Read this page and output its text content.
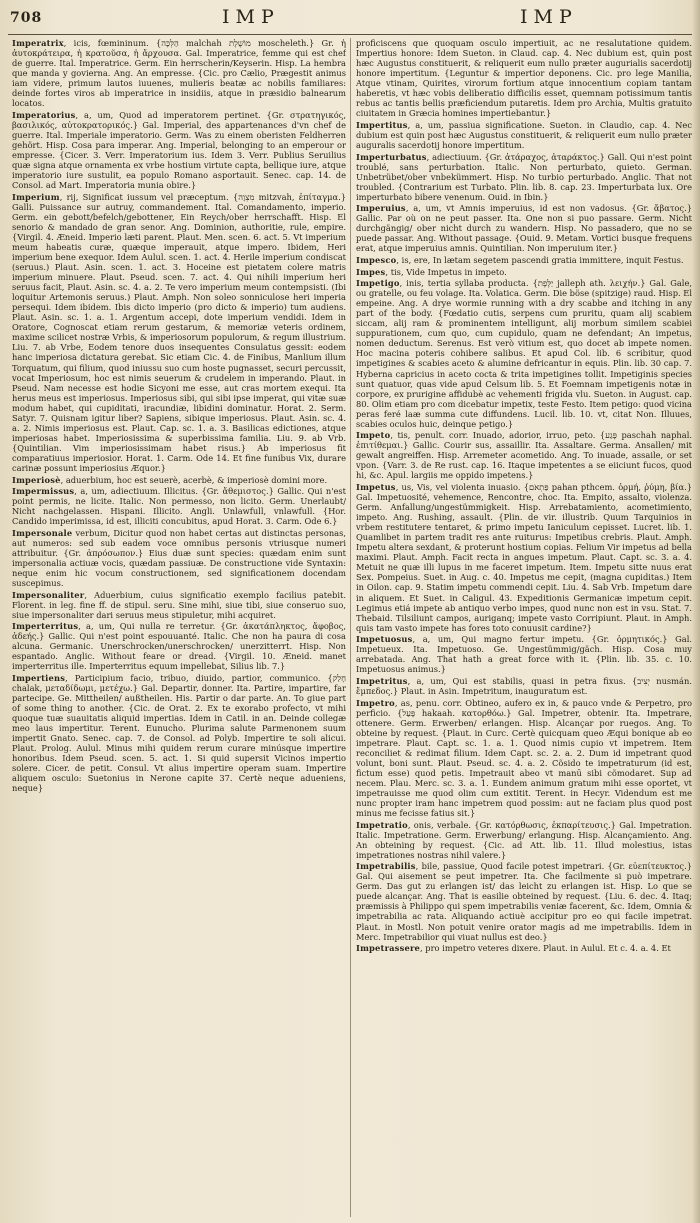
708	IMP	IMP

Imperatrix, icis, fœmininum. {הַלְּכָּה malchah מוֹשֶׁלֶת moscheleth.} Gr. ἡ ἀυτοκράτειρα, ἡ κρατοῦσα, ἡ ἄρχουσα. Gal. Imperatrice, femme qui est chef de guerre. Ital. Imperatrice. Germ. Ein herrscherin/Keyserin. Hisp. La hembra que manda y govierna. Ang. An empresse. {Cic. pro Cælio, Prægestit animus iam videre, primum lautos iuuenes, mulieris beatæ ac nobilis familiares: deinde fortes viros ab imperatrice in insidiis, atque in præsidio balnearum locatos.

Imperatorius, a, um, Quod ad imperatorem pertinet. {Gr. στρατηγικός, βασιλικός, αὐτοκρατορικός.} Gal. Imperial, des appartenances d'vn chef de guerre. Ital. Imperiale imperatorio. Germ. Was zu einem oberisten Feldherren gehört. Hisp. Cosa para imperar. Ang. Imperial, belonging to an emperour or empresse. {Cicer. 3. Verr. Imperatorium ius. Idem 3. Verr. Publius Seruilius quæ signa atque ornamenta ex vrbe hostium virtute capta, bellique iure, atque imperatorio iure sustulit, ea populo Romano asportauit. Senec. cap. 14. de Consol. ad Mart. Imperatoria munia obire.}

Imperium, rij, Significat iussum vel præceptum. {מִצְוָה mitzvah, ἐπίταγμα.} Galli. Puissance sur autruy, commandement. Ital. Comandamento, imperio. Germ. ein gebott/befelch/gebottener, Ein Reych/ober herrschafft. Hisp. El senorio & mandado de gran senor. Ang. Dominion, authoritie, rule, empire. {Virgil. 4. Æneid. Imperio læti parent. Plaut. Men. scen. 6. act. 5. Vt imperium meum habeatis curæ, quæque imperauit, atque impero. Ibidem, Heri imperium bene exequor. Idem Aulul. scen. 1. act. 4. Herile imperium condiscat (seruus.) Plaut. Asin. scen. 1. act. 3. Hoceine est pietatem colere matris imperium minuere. Plaut. Pseud. scen. 7. act. 4. Qui nihili imperium heri seruus facit, Plaut. Asin. sc. 4. a. 2. Te vero imperium meum contempsisti. (Ibi loquitur Artemonis seruus.) Plaut. Amph. Non soleo sonniculose heri imperia persequi. Idem ibidem. Ibis dicto imperio (pro dicto & imperio) tum audiens. Plaut. Asin. sc. 1. a. 1. Argentum accepi, dote imperium vendidi. Idem in Oratore, Cognoscat etiam rerum gestarum, & memoriæ veteris ordinem, maxime scilicet nostræ Vrbis, & imperiosorum populorum, & regum illustrium. Liu. 7. ab Vrbe, Eodem tenore duos insequentes Consulatus gessit: eodem hanc imperiosa dictatura gerebat. Sic etiam Cic. 4. de Finibus, Manlium illum Torquatum, qui filium, quod iniussu suo cum hoste pugnasset, securi percussit, vocat Imperiosum, hoc est nimis seuerum & crudelem in imperando. Plaut. in Pseud. Nam necesse est hodie Sicyoni me esse, aut cras mortem exequi. Ita herus meus est imperiosus. Imperiosus sibi, qui sibi ipse imperat, qui vitæ suæ modum habet, qui cupiditati, iracundiæ, libidini dominatur. Horat. 2. Serm. Satyr. 7. Quisnam igitur liber? Sapiens, sibique imperiosus. Plaut. Asin. sc. 4. a. 2. Nimis imperiosus est. Plaut. Cap. sc. 1. a. 3. Basilicas edictiones, atque imperiosas habet. Imperiosissima & superbissima familia. Liu. 9. ab Vrb. {Quintilian. Vim imperiosissimam habet risus.} Ab imperiosus fit comparatiuus imperiosior. Horat. 1. Carm. Ode 14. Et fine funibus Vix, durare carinæ possunt imperiosius Æquor.}

Imperiosè, aduerbium, hoc est seuerè, acerbè, & imperiosè domini more.

Impermissus, a, um, adiectiuum. Illicitus. {Gr. ἄθεμιστος.} Gallic. Qui n'est point permis, ne licite. Italic. Non permesso, non licito. Germ. Unerlaubt/ Nicht nachgelassen. Hispani. Illicito. Angli. Unlawfull, vnlawfull. {Hor. Candido imperimissa, id est, illiciti concubitus, apud Horat. 3. Carm. Ode 6.}

Impersonale verbum, Dicitur quod non habet certas aut distinctas personas, aut numeros: sed sub eadem voce omnibus personis vtriusque numeri attribuitur. {Gr. ἀπρόσωπον.} Eius duæ sunt species: quædam enim sunt impersonalia actiuæ vocis, quædam passiuæ. De constructione vide Syntaxin: neque enim hic vocum constructionem, sed significationem docendam suscepimus.

Impersonaliter, Aduerbium, cuius significatio exemplo facilius patebit. Florent. in leg. fine ff. de stipul. seru. Sine mihi, siue tibi, siue conseruo suo, siue impersonaliter dari seruus meus stipuletur, mihi acquiret.

Imperterritus, a, um, Qui nulla re terretur. {Gr. ἀκατάπληκτος, ἄφοβος, ἀδεής.} Gallic. Qui n'est point espouuanté. Italic. Che non ha paura di cosa alcuna. Germanic. Unerschrocken/unerschrocken/ unerzitterrt. Hisp. Non espantado. Anglic. Without feare or dread. {Virgil. 10. Æneid. manet imperterritus ille. Imperterritus equum impellebat, Silius lib. 7.}

Impertiens, Participium facio, tribuo, diuido, partior, communico. {חָלַק chalak, μεταδίδωμι, μετέχω.} Gal. Departir, donner. Ita. Partire, impartire, far partecipe. Ge. Mittheilen/ außtheilen. His. Partir o dar parte. An. To giue part of some thing to another. {Cic. de Orat. 2. Ex te exorabo profecto, vt mihi quoque tuæ suauitatis aliquid impertias. Idem in Catil. in an. Deinde collegæ meo laus impertitur. Terent. Eunucho. Plurima salute Parmenonem suum impertit Gnato. Senec. cap. 7. de Consol. ad Polyb. Impertire te soli alicui. Plaut. Prolog. Aulul. Minus mihi quidem rerum curare minúsque impertire honoribus. Idem Pseud. scen. 5. act. 1. Si quid supersit Vicinos impertio solere. Cicer. de petit. Consul. Vt alius impertire operam suam. Impertire aliquem osculo: Suetonius in Nerone capite 37. Certè neque adueniens, neque}

proficiscens que quoquam osculo impertiuit, ac ne resalutatione quidem. Impertius honore: Idem Sueton. in Claud. cap. 4. Nec dubium est, quin post hæc Augustus constituerit, & reliquerit eum nullo præter augurialis sacerdotij honore impertitum. {Leguntur & impertior deponens. Cic. pro lege Manilia, Atque vtinam, Quirites, virorum fortium atque innocentium copiam tantam haberetis, vt hæc vobis deliberatio difficilis esset, quemnam potissimum tantis rebus ac tantis bellis præficiendum putaretis. Idem pro Archia, Multis gratuito ciuitatem in Græcia homines impertiebantur.}

Impertitus, a, um, passiua significatione. Sueton. in Claudio, cap. 4. Nec dubium est quin post hæc Augustus constituerit, & reliquerit eum nullo præter auguralis sacerdotij honore impertitum.

Imperturbatus, adiectiuum. {Gr. ἀτάραχος, ἀταράκτος.} Gall. Qui n'est point troublé, sans perturbation. Italic. Non perturbato, quieto. German. Unbetrübet/ober vnbekümmert. Hisp. No turbio perturbado. Anglic. That not troubled. {Contrarium est Turbato. Plin. lib. 8. cap. 23. Imperturbata lux. Ore imperturbato bibere venenum. Ouid. in Ibin.}

Imperuius, a, um, vt Amnis imperuius, id est non vadosus. {Gr. ἄβατος.} Gallic. Par où on ne peut passer. Ita. One non si puo passare. Germ. Nicht durchgängig/ ober nicht durch zu wandern. Hisp. No passadero, que no se puede passar. Ang. Without passage. {Ouid. 9. Metam. Vortici busque frequens erat, atque imperuius amnis. Quintilian. Non imperuium iter.}

Impesco, is, ere, In lætam segetem pascendi gratia immittere, inquit Festus.

Impes, tis, Vide Impetus in impeto.

Impetigo, inis, tertia syllaba producta. {יַלֶּפֶת jalleph ath. λειχήν.} Gal. Gale, ou gratelle, ou feu volage. Ita. Volatica. Germ. Die böse (spitzige) raud. Hisp. El empeine. Ang. A drye wormie running with a dry scabbe and itching in any part of the body. {Fœdatio cutis, serpens cum pruritu, quam alij scabiem siccam, alij ram & prominentem intelligunt, alij morbum similem scabiei suppurationem, cum quo, cum cupidulo, quam ne defendant; An impetus, nomen deductum. Serenus. Est verò vitium est, quo docet ab impete nomen. Hoc macina poteris cohibere salibus. Et apud Col. lib. 6 scribitur, quod impetigines & scabies aceto & alumine defricantur in equis. Plin. lib. 30 cap. 7. Hyberna capricius in aceto cocta & trita impetigines tollit. Impetiginis species sunt quatuor, quas vide apud Celsum lib. 5. Et Foemnam impetigenis notæ in corpore, ex prurigine affidubè ac vehementi frigida vlu. Sueton. in August. cap. 80. Olim etiam pro com dicebatur impetix, teste Festo. Item petigo: quod vicina peras feré laæ summa cute diffundens. Lucil. lib. 10. vt, citat Non. Illuues, scabies oculos huic, deinque petigo.}

Impeto, tis, penult. corr. Inuado, adorior, irruo, peto. {פָּגַע paschah naphal. ἐπιτίθεμαι.} Gallic. Courir sus, assaillir. Ita. Assaltare. Germa. Ansallen/ mit gewalt angreiffen. Hisp. Arremeter acometido. Ang. To inuade, assaile, or set vpon. {Varr. 3. de Re rust. cap. 16. Itaque impetentes a se eiiciunt fucos, quod hi, &c. Apul. largiis me oppido impetens.}

Impetus, us, Vis, vel violenta inuasio. {פַּתְאֹם pahan pthcem. ὁρμή, ῥύμη, βία.} Gal. Impetuosité, vehemence, Rencontre, choc. Ita. Empito, assalto, violenza. Germ. Anfallung/ungestümmigkeit. Hisp. Arrebatamiento, acometimiento, impeto. Ang. Rushing, assault. {Plin. de vir. illustrib. Quum Tarquinios in vrbem restitutere tentaret, & primo impetu Ianiculum cepisset. Lucret. lib. 1. Quamlibet in partem tradit res ante ruiturus: Impetibus crebris. Plaut. Amph. Impetu altera sexdant, & proterunt hostium copias. Felium Vir impetus ad bella maximi. Plaut. Amph. Facit recta in angues impetum. Plaut. Capt. sc. 3. a. 4. Metuit ne quæ illi lupus in me faceret impetum. Item. Impetu sitte nuus erat Sex. Pompeius. Suet. in Aug. c. 40. Impetus me cepit, (magna cupiditas.) Item in Oilon. cap. 9. Statim impetu commendi cepit. Liu. 4. Sab Vrb. Impetum dare in aliquem. Et Suet. in Caligul. 43. Expeditionis Germanicæ impetum cepit. Legimus etiá impete ab antiquo verbo impes, quod nunc non est in vsu. Stat. 7. Thebaid. Tilsiliunt campos, auriganq; impete vasto Corripiunt. Plaut. in Amph. quis tam vasto impete has fores toto conuusit cardine?}

Impetuosus, a, um, Qui magno fertur impetu. {Gr. ὁρμητικός.} Gal. Impetueux. Ita. Impetuoso. Ge. Ungestümmig/gäch. Hisp. Cosa muy arrebatada. Ang. That hath a great force with it. {Plin. lib. 35. c. 10. Impetuosus animus.}

Impetritus, a, um, Qui est stabilis, quasi in petra fixus. {יְצִיב nusmán. ἔμπεδος.} Plaut. in Asin. Impetritum, inauguratum est.

Impetro, as, penu. corr. Obtineo, aufero ex in, & pauco vnde & Perpetro, pro perficio. {פָּעַל hakaah. κατορθόω.} Gal. Impetrer, obtenir. Ita. Impetrare, ottenere. Germ. Erwerben/ erlangen. Hisp. Alcançar por ruegos. Ang. To obteine by request. {Plaut. in Curc. Certè quicquam queo Æqui bonique ab eo impetrare. Plaut. Capt. sc. 1. a. 1. Quod nimis cupio vt impetrem. Item reconciliet & redimat filium. Idem Capt. sc. 2. a. 2. Dum id impetrant quod volunt, boni sunt. Plaut. Pseud. sc. 4. a. 2. Cõsido te impetraturum (id est, fictum esse) quod petis. Impetrauit abeo vt manū sibi cõmodaret. Sup ad necem. Plau. Merc. sc. 3. a. 1. Eundem animum gratum mihi esse oportet, vt impetrauisse me quod olim cum extitit. Terent. in Hecyr. Videndum est me nunc propter iram hanc impetrem quod possim: aut ne faciam plus quod post minus me fecisse fatius sit.}

Impetratio, onis, verbale. {Gr. κατόρθωσις, ἐκπαρίτευσις.} Gal. Impetration. Italic. Impetratione. Germ. Erwerbung/ erlangung. Hisp. Alcançamiento. Ang. An obteining by request. {Cic. ad Att. lib. 11. Illud molestius, istas impetrationes nostras nihil valere.}

Impetrabilis, bile, passiue, Quod facile potest impetrari. {Gr. εὐεπίτευκτος.} Gal. Qui aisement se peut impetrer. Ita. Che facilmente si può impetrare. Germ. Das gut zu erlangen ist/ das leicht zu erlangen ist. Hisp. Lo que se puede alcançar. Ang. That is easilie obteined by request. {Liu. 6. dec. 4. Itaq; præmissis à Philippo qui spem impetrabilis veniæ facerent, &c. Idem, Omnia & impetrabilia ac rata. Aliquando actiuè accipitur pro eo qui facile impetrat. Plaut. in Mostl. Non potuit venire orator magis ad me impetrabilis. Idem in Merc. Impetrabilior qui viuat nullus est deo.}

Impetrassere, pro impetro veteres dixere. Plaut. in Aulul. Et c. 4. a. 4. Et
